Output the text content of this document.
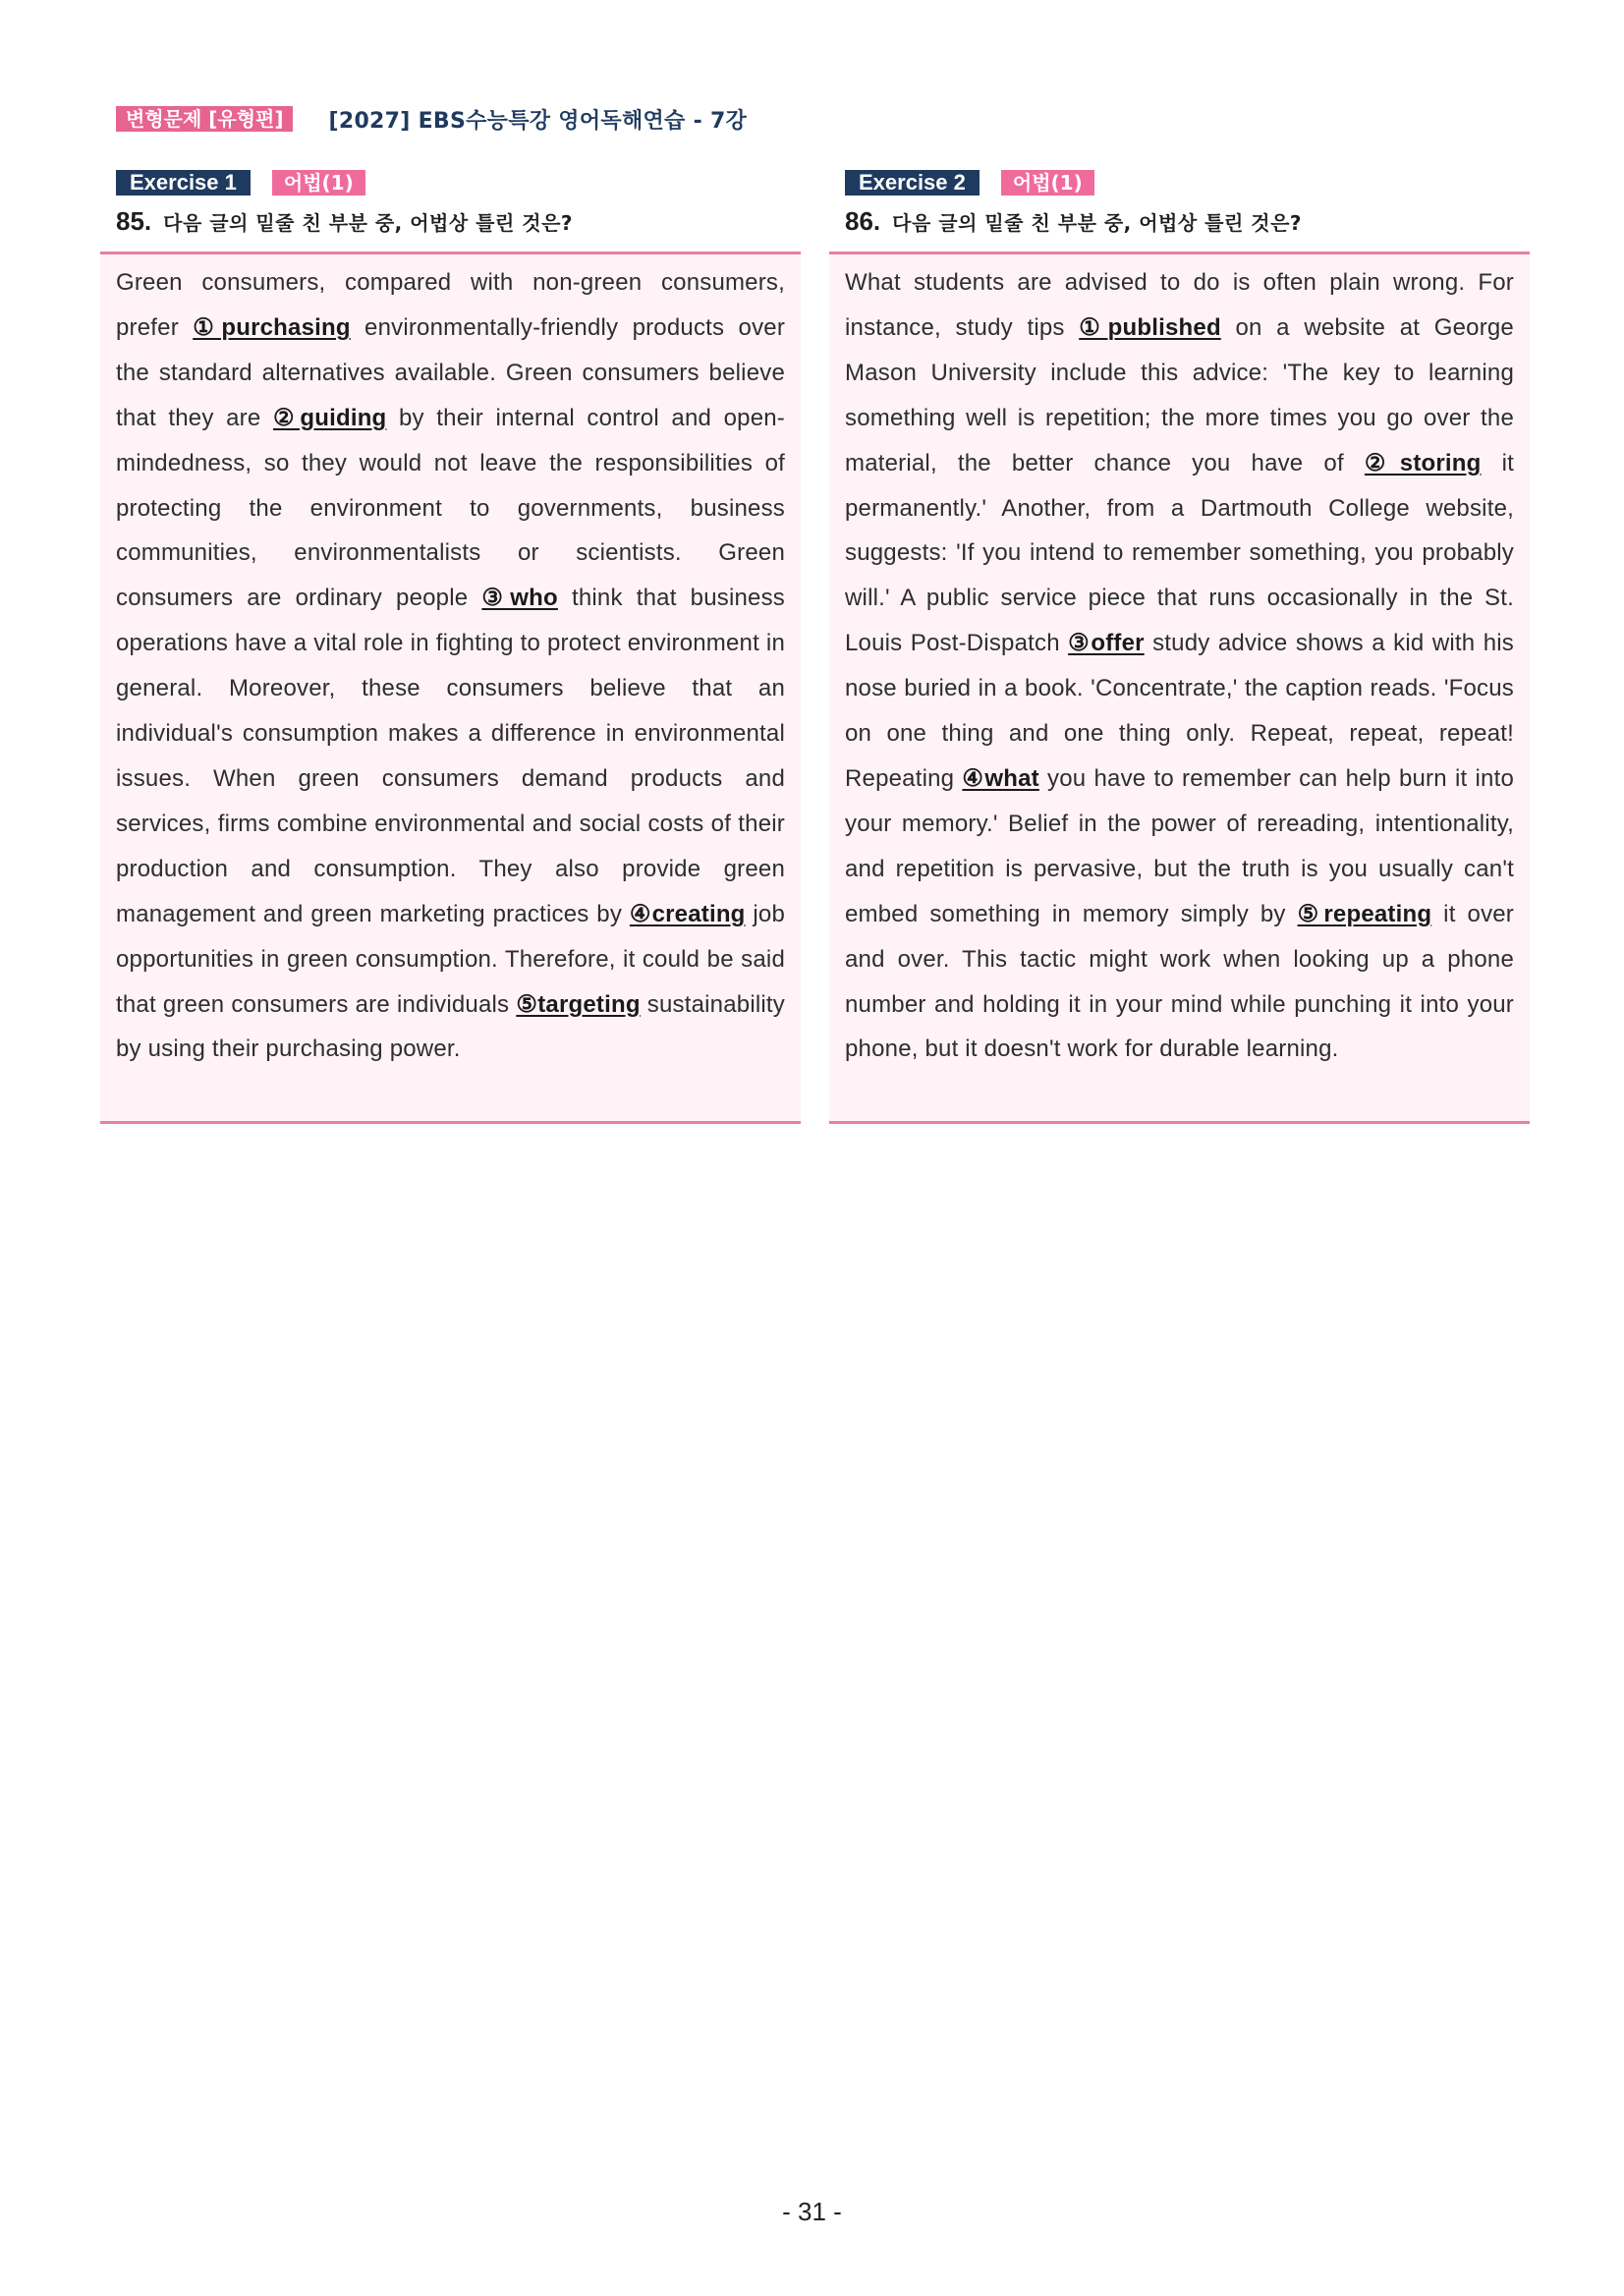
변형문제 [유형편]	[2027] EBS수능특강 영어독해연습 - 7강
Exercise 1	어법(1)
85. 다음 글의 밑줄 친 부분 중, 어법상 틀린 것은?

Green consumers, compared with non-green consumers, prefer ①purchasing environmentally-friendly products over the standard alternatives available. Green consumers believe that they are ②guiding by their internal control and open-mindedness, so they would not leave the responsibilities of protecting the environment to governments, business communities, environmentalists or scientists. Green consumers are ordinary people ③who think that business operations have a vital role in fighting to protect environment in general. Moreover, these consumers believe that an individual's consumption makes a difference in environmental issues. When green consumers demand products and services, firms combine environmental and social costs of their production and consumption. They also provide green management and green marketing practices by ④creating job opportunities in green consumption. Therefore, it could be said that green consumers are individuals ⑤targeting sustainability by using their purchasing power.

Exercise 2	어법(1)
86. 다음 글의 밑줄 친 부분 중, 어법상 틀린 것은?

What students are advised to do is often plain wrong. For instance, study tips ①published on a website at George Mason University include this advice: 'The key to learning something well is repetition; the more times you go over the material, the better chance you have of ②storing it permanently.' Another, from a Dartmouth College website, suggests: 'If you intend to remember something, you probably will.' A public service piece that runs occasionally in the St. Louis Post-Dispatch ③offer study advice shows a kid with his nose buried in a book. 'Concentrate,' the caption reads. 'Focus on one thing and one thing only. Repeat, repeat, repeat! Repeating ④what you have to remember can help burn it into your memory.' Belief in the power of rereading, intentionality, and repetition is pervasive, but the truth is you usually can't embed something in memory simply by ⑤repeating it over and over. This tactic might work when looking up a phone number and holding it in your mind while punching it into your phone, but it doesn't work for durable learning.

- 31 -
